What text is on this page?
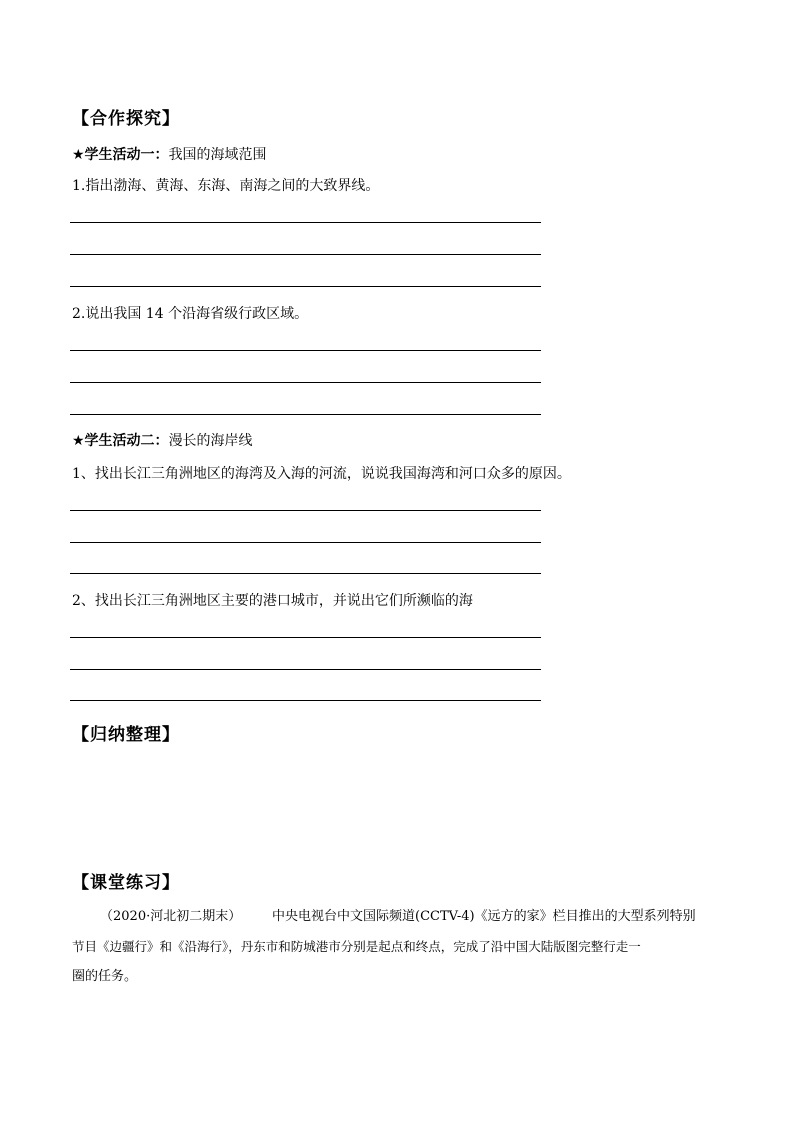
【合作探究】
★学生活动一：我国的海域范围
1.指出渤海、黄海、东海、南海之间的大致界线。
2.说出我国 14 个沿海省级行政区域。
★学生活动二：漫长的海岸线
1、找出长江三角洲地区的海湾及入海的河流，说说我国海湾和河口众多的原因。
2、找出长江三角洲地区主要的港口城市，并说出它们所濒临的海
【归纳整理】
【课堂练习】
（2020·河北初二期末） 中央电视台中文国际频道(CCTV-4)《远方的家》栏目推出的大型系列特别
节目《边疆行》和《沿海行》，丹东市和防城港市分别是起点和终点，完成了沿中国大陆版图完整行走一
圈的任务。
